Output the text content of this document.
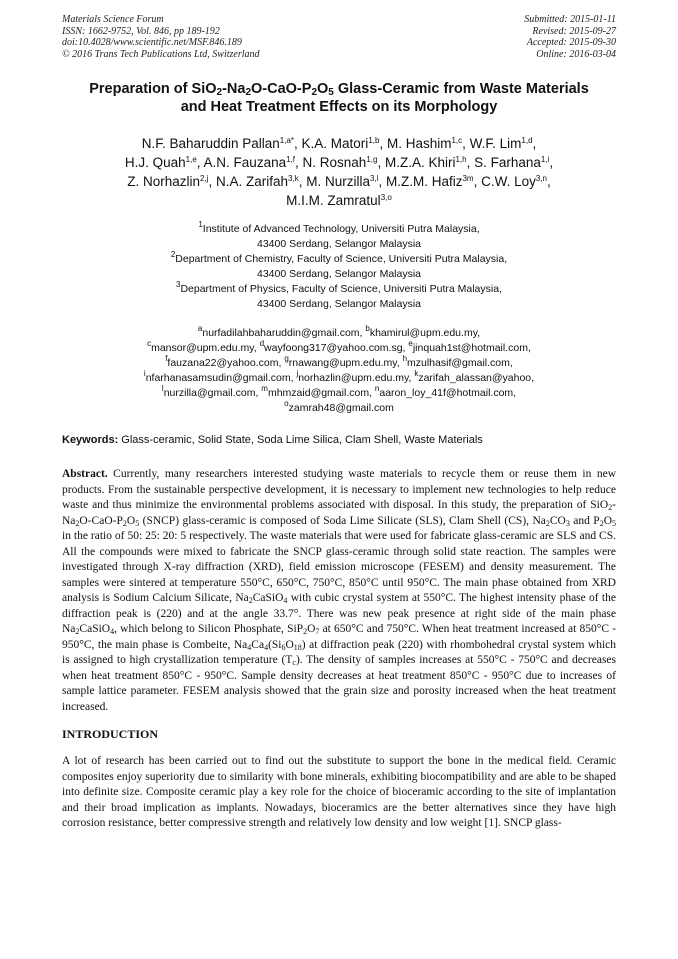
Materials Science Forum
ISSN: 1662-9752, Vol. 846, pp 189-192
doi:10.4028/www.scientific.net/MSF.846.189
© 2016 Trans Tech Publications Ltd, Switzerland
Submitted: 2015-01-11
Revised: 2015-09-27
Accepted: 2015-09-30
Online: 2016-03-04
Preparation of $SiO_2-Na_2O-CaO-P_2O_5$ Glass-Ceramic from Waste Materials
and Heat Treatment Effects on its Morphology
N.F. Baharuddin Pallan$^{1,a*}$, K.A. Matori$^{1,b}$, M. Hashim$^{1,c}$, W.F. Lim$^{1,d}$,
H.J. Quah$^{1,e}$, A.N. Fauzana$^{1,f}$, N. Rosnah$^{1,g}$, M.Z.A. Khiri$^{1,h}$, S. Farhana$^{1,i}$,
Z. Norhazlin$^{2,j}$, N.A. Zarifah$^{3,k}$, M. Nurzilla$^{3,l}$, M.Z.M. Hafiz$^{3m}$, C.W. Loy$^{3,n}$,
M.I.M. Zamratul$^{3,o}$
$^1$Institute of Advanced Technology, Universiti Putra Malaysia,
43400 Serdang, Selangor Malaysia
$^2$Department of Chemistry, Faculty of Science, Universiti Putra Malaysia,
43400 Serdang, Selangor Malaysia
$^3$Department of Physics, Faculty of Science, Universiti Putra Malaysia,
43400 Serdang, Selangor Malaysia
$^a$nurfadilahbaharuddin@gmail.com, $^b$khamirul@upm.edu.my,
$^c$mansor@upm.edu.my, $^d$wayfoong317@yahoo.com.sg, $^e$jinquah1st@hotmail.com,
$^f$fauzana22@yahoo.com, $^g$rnawang@upm.edu.my, $^h$mzulhasif@gmail.com,
$^i$nfarhanasamsudin@gmail.com, $^j$norhazlin@upm.edu.my, $^k$zarifah_alassan@yahoo,
$^l$nurzilla@gmail.com, $^m$mhmzaid@gmail.com, $^n$aaron_loy_41f@hotmail.com,
$^o$zamrah48@gmail.com
Keywords: Glass-ceramic, Solid State, Soda Lime Silica, Clam Shell, Waste Materials
Abstract. Currently, many researchers interested studying waste materials to recycle them or reuse them in new products. From the sustainable perspective development, it is necessary to implement new technologies to help reduce waste and thus minimize the environmental problems associated with disposal. In this study, the preparation of $SiO_2-Na_2O-CaO-P_2O_5$ (SNCP) glass-ceramic is composed of Soda Lime Silicate (SLS), Clam Shell (CS), $Na_2CO_3$ and $P_2O_5$ in the ratio of 50: 25: 20: 5 respectively. The waste materials that were used for fabricate glass-ceramic are SLS and CS. All the compounds were mixed to fabricate the SNCP glass-ceramic through solid state reaction. The samples were investigated through X-ray diffraction (XRD), field emission microscope (FESEM) and density measurement. The samples were sintered at temperature 550°C, 650°C, 750°C, 850°C until 950°C. The main phase obtained from XRD analysis is Sodium Calcium Silicate, $Na_2CaSiO_4$ with cubic crystal system at 550°C. The highest intensity phase of the diffraction peak is (220) and at the angle 33.7°. There was new peak presence at right side of the main phase $Na_2CaSiO_4$, which belong to Silicon Phosphate, $SiP_2O_7$ at 650°C and 750°C. When heat treatment increased at 850°C - 950°C, the main phase is Combeite, $Na_4Ca_4(Si_6O_{18})$ at diffraction peak (220) with rhombohedral crystal system which is assigned to high crystallization temperature $(T_c)$. The density of samples increases at 550°C - 750°C and decreases when heat treatment 850°C - 950°C. Sample density decreases at heat treatment 850°C - 950°C due to increases of sample lattice parameter. FESEM analysis showed that the grain size and porosity increased when the heat treatment increased.
INTRODUCTION
A lot of research has been carried out to find out the substitute to support the bone in the medical field. Ceramic composites enjoy superiority due to similarity with bone minerals, exhibiting biocompatibility and are able to be shaped into definite size. Composite ceramic play a key role for the choice of bioceramic according to the site of implantation and their broad implication as implants. Nowadays, bioceramics are the better alternatives since they have high corrosion resistance, better compressive strength and relatively low density and low weight [1]. SNCP glass-
